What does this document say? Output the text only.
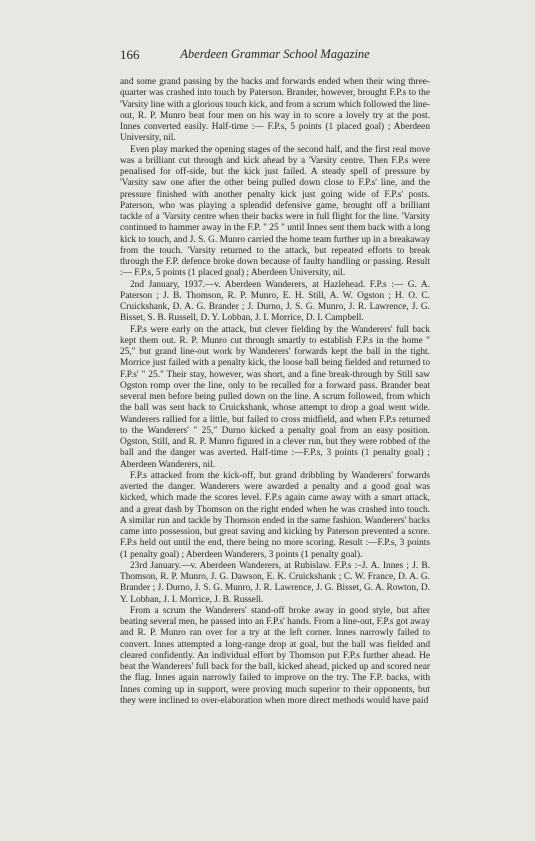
166	Aberdeen Grammar School Magazine

and some grand passing by the backs and forwards ended when their wing three-quarter was crashed into touch by Paterson. Brander, however, brought F.P.s to the 'Varsity line with a glorious touch kick, and from a scrum which followed the line-out, R. P. Munro beat four men on his way in to score a lovely try at the post. Innes converted easily. Half-time :— F.P.s, 5 points (1 placed goal) ; Aberdeen University, nil.

Even play marked the opening stages of the second half, and the first real move was a brilliant cut through and kick ahead by a 'Varsity centre. Then F.P.s were penalised for off-side, but the kick just failed. A steady spell of pressure by 'Varsity saw one after the other being pulled down close to F.P.s' line, and the pressure finished with another penalty kick just going wide of F.P.s' posts. Paterson, who was playing a splendid defensive game, brought off a brilliant tackle of a 'Varsity centre when their backs were in full flight for the line. 'Varsity continued to hammer away in the F.P. " 25 " until Innes sent them back with a long kick to touch, and J. S. G. Munro carried the home team further up in a breakaway from the touch. 'Varsity returned to the attack, but repeated efforts to break through the F.P. defence broke down because of faulty handling or passing. Result :— F.P.s, 5 points (1 placed goal) ; Aberdeen University, nil.

2nd January, 1937.—v. Aberdeen Wanderers, at Hazlehead. F.P.s :— G. A. Paterson ; J. B. Thomson, R. P. Munro, E. H. Still, A. W. Ogston ; H. O. C. Cruickshank, D. A. G. Brander ; J. Durno, J. S. G. Munro, J. R. Lawrence, J. G. Bisset, S. B. Russell, D. Y. Lobban, J. I. Morrice, D. I. Campbell.

F.P.s were early on the attack, but clever fielding by the Wanderers' full back kept them out. R. P. Munro cut through smartly to establish F.P.s in the home " 25," but grand line-out work by Wanderers' forwards kept the ball in the tight. Morrice just failed with a penalty kick, the loose ball being fielded and returned to F.P.s' " 25." Their stay, however, was short, and a fine break-through by Still saw Ogston romp over the line, only to be recalled for a forward pass. Brander beat several men before being pulled down on the line. A scrum followed, from which the ball was sent back to Cruickshank, whose attempt to drop a goal went wide. Wanderers rallied for a little, but failed to cross midfield, and when F.P.s returned to the Wanderers' " 25," Durno kicked a penalty goal from an easy position. Ogston, Still, and R. P. Munro figured in a clever run, but they were robbed of the ball and the danger was averted. Half-time :—F.P.s, 3 points (1 penalty goal) ; Aberdeen Wanderers, nil.

F.P.s attacked from the kick-off, but grand dribbling by Wanderers' forwards averted the danger. Wanderers were awarded a penalty and a good goal was kicked, which made the scores level. F.P.s again came away with a smart attack, and a great dash by Thomson on the right ended when he was crashed into touch. A similar run and tackle by Thomson ended in the same fashion. Wanderers' backs came into possession, but great saving and kicking by Paterson prevented a score. F.P.s held out until the end, there being no more scoring. Result :—F.P.s, 3 points (1 penalty goal) ; Aberdeen Wanderers, 3 points (1 penalty goal).

23rd January.—v. Aberdeen Wanderers, at Rubislaw. F.P.s :–J. A. Innes ; J. B. Thomson, R. P. Munro, J. G. Dawson, E. K. Cruickshank ; C. W. France, D. A. G. Brander ; J. Durno, J. S. G. Munro, J. R. Lawrence, J. G. Bisset, G. A. Rowton, D. Y. Lobban, J. I. Morrice, J. B. Russell.

From a scrum the Wanderers' stand-off broke away in good style, but after beating several men, he passed into an F.P.s' hands. From a line-out, F.P.s got away and R. P. Munro ran over for a try at the left corner. Innes narrowly failed to convert. Innes attempted a long-range drop at goal, but the ball was fielded and cleared confidently. An individual effort by Thomson put F.P.s further ahead. He beat the Wanderers' full back for the ball, kicked ahead, picked up and scored near the flag. Innes again narrowly failed to improve on the try. The F.P. backs, with Innes coming up in support, were proving much superior to their opponents, but they were inclined to over-elaboration when more direct methods would have paid
